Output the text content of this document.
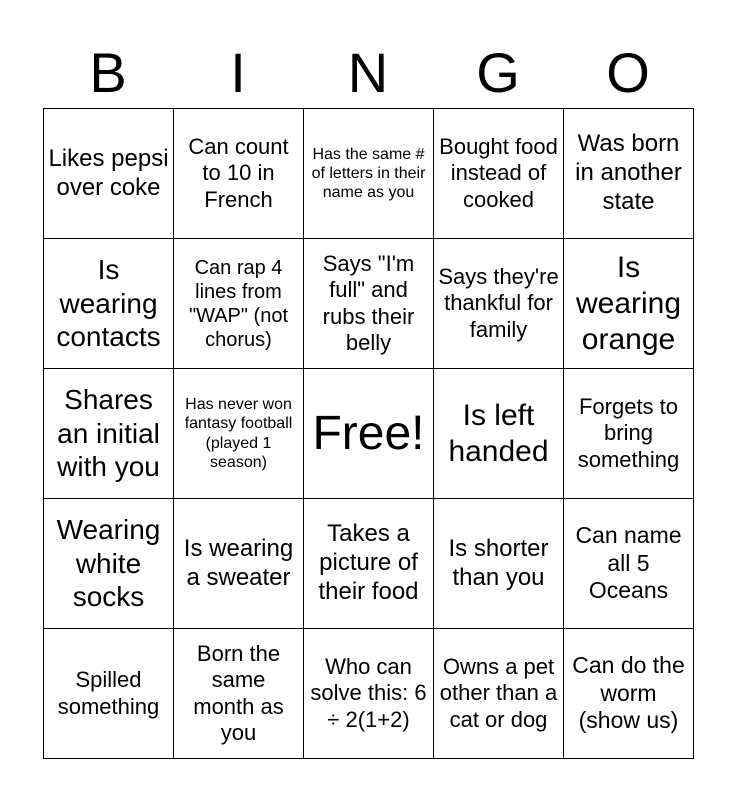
B	I	N	G	O
Likes pepsi over coke	Can count to 10 in French	Has the same # of letters in their name as you	Bought food instead of cooked	Was born in another state
Is wearing contacts	Can rap 4 lines from "WAP" (not chorus)	Says "I'm full" and rubs their belly	Says they're thankful for family	Is wearing orange
Shares an initial with you	Has never won fantasy football (played 1 season)	Free!	Is left handed	Forgets to bring something
Wearing white socks	Is wearing a sweater	Takes a picture of their food	Is shorter than you	Can name all 5 Oceans
Spilled something	Born the same month as you	Who can solve this: 6 ÷ 2(1+2)	Owns a pet other than a cat or dog	Can do the worm (show us)
